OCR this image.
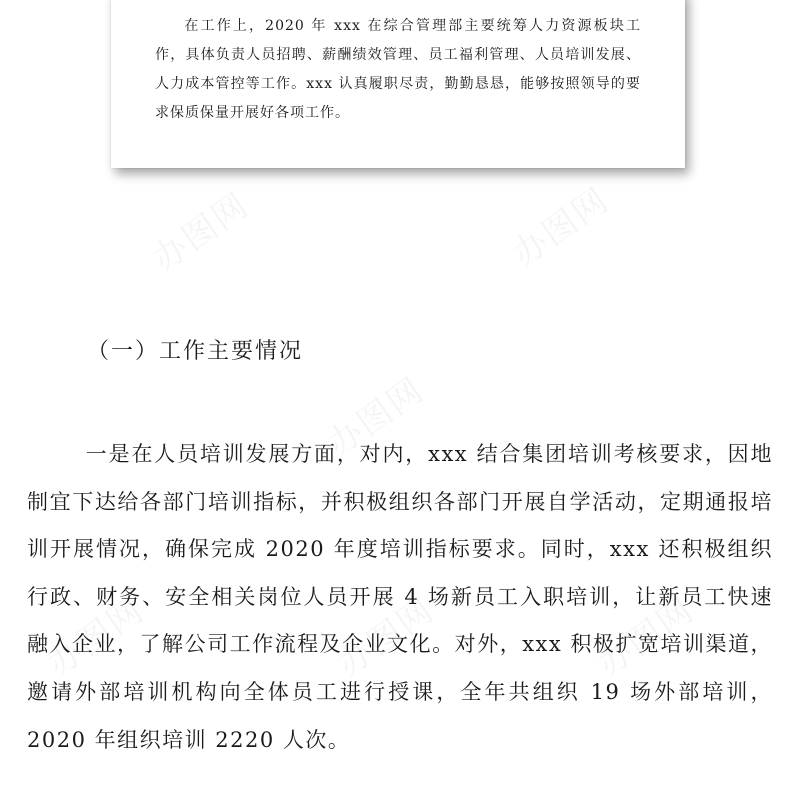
在工作上，2020 年 xxx 在综合管理部主要统筹人力资源板块工作，具体负责人员招聘、薪酬绩效管理、员工福利管理、人员培训发展、人力成本管控等工作。xxx 认真履职尽责，勤勤恳恳，能够按照领导的要求保质保量开展好各项工作。

（一）工作主要情况

一是在人员培训发展方面，对内，xxx 结合集团培训考核要求，因地制宜下达给各部门培训指标，并积极组织各部门开展自学活动，定期通报培训开展情况，确保完成 2020 年度培训指标要求。同时，xxx 还积极组织行政、财务、安全相关岗位人员开展 4 场新员工入职培训，让新员工快速融入企业，了解公司工作流程及企业文化。对外，xxx 积极扩宽培训渠道，邀请外部培训机构向全体员工进行授课，全年共组织 19 场外部培训，2020 年组织培训 2220 人次。
